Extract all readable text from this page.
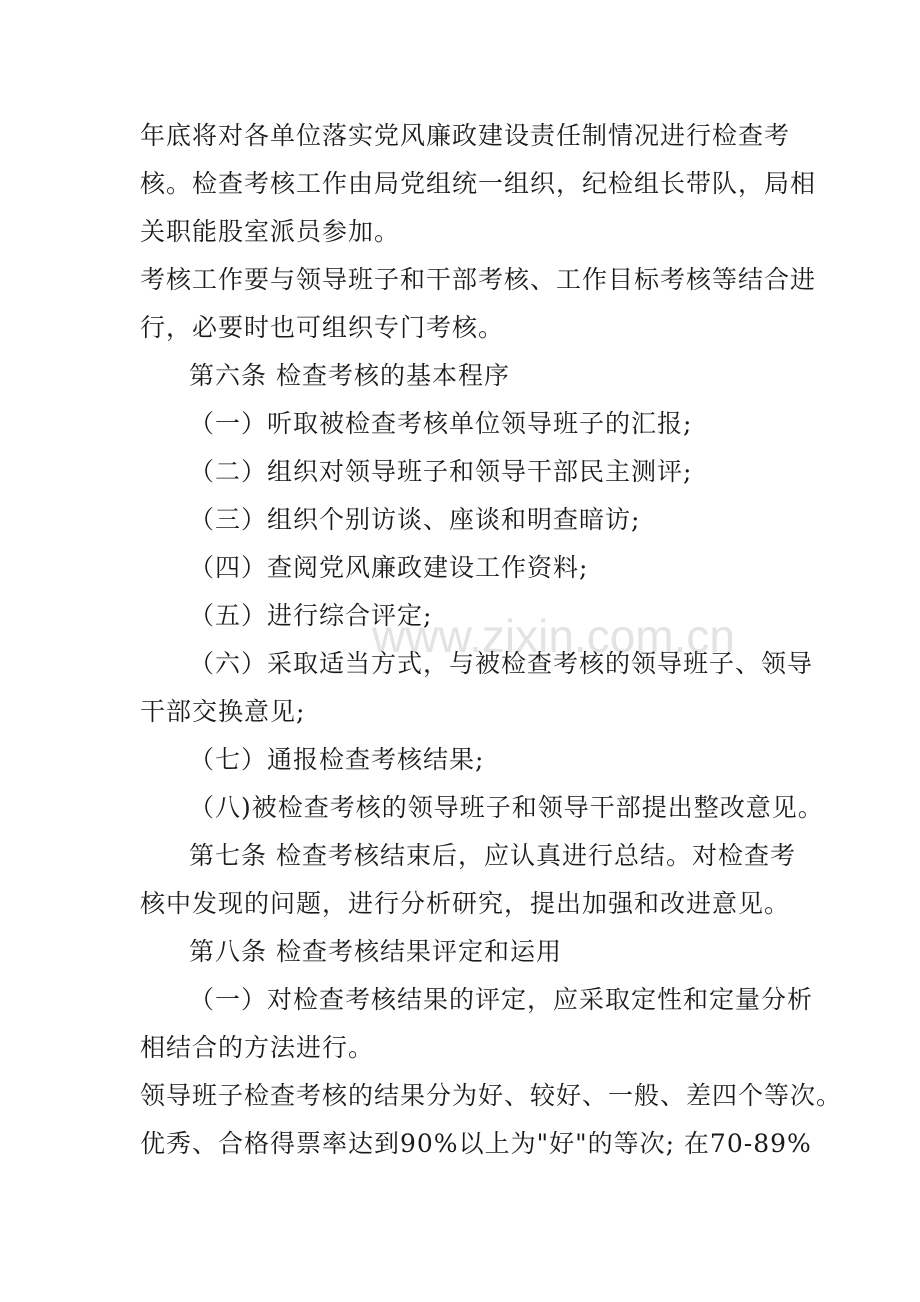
www.zixin.com.cn
年底将对各单位落实党风廉政建设责任制情况进行检查考
核。检查考核工作由局党组统一组织，纪检组长带队，局相
关职能股室派员参加。
考核工作要与领导班子和干部考核、工作目标考核等结合进
行，必要时也可组织专门考核。
第六条 检查考核的基本程序
（一）听取被检查考核单位领导班子的汇报;
（二）组织对领导班子和领导干部民主测评;
（三）组织个别访谈、座谈和明查暗访;
（四）查阅党风廉政建设工作资料;
（五）进行综合评定;
（六）采取适当方式，与被检查考核的领导班子、领导
干部交换意见;
（七）通报检查考核结果;
（八)被检查考核的领导班子和领导干部提出整改意见。
第七条 检查考核结束后，应认真进行总结。对检查考
核中发现的问题，进行分析研究，提出加强和改进意见。
第八条 检查考核结果评定和运用
（一）对检查考核结果的评定，应采取定性和定量分析
相结合的方法进行。
领导班子检查考核的结果分为好、较好、一般、差四个等次。
优秀、合格得票率达到90%以上为"好"的等次; 在70-89%
